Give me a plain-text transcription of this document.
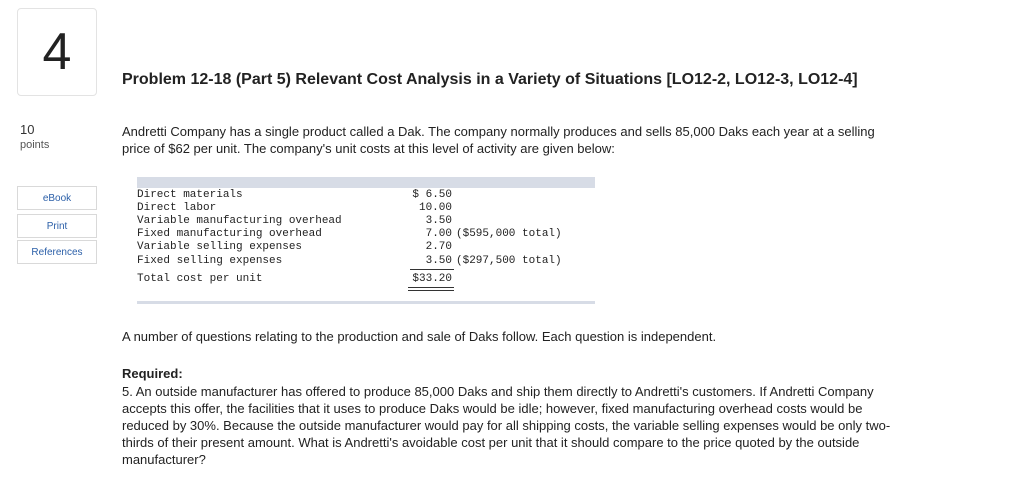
4
10
points
eBook
Print
References
Problem 12-18 (Part 5) Relevant Cost Analysis in a Variety of Situations [LO12-2, LO12-3, LO12-4]
Andretti Company has a single product called a Dak. The company normally produces and sells 85,000 Daks each year at a selling
price of $62 per unit. The company's unit costs at this level of activity are given below:
Direct materials	$ 6.50
Direct labor	10.00
Variable manufacturing overhead	3.50
Fixed manufacturing overhead	7.00 ($595,000 total)
Variable selling expenses	2.70
Fixed selling expenses	3.50 ($297,500 total)
Total cost per unit	$33.20
A number of questions relating to the production and sale of Daks follow. Each question is independent.
Required:
5. An outside manufacturer has offered to produce 85,000 Daks and ship them directly to Andretti's customers. If Andretti Company
accepts this offer, the facilities that it uses to produce Daks would be idle; however, fixed manufacturing overhead costs would be
reduced by 30%. Because the outside manufacturer would pay for all shipping costs, the variable selling expenses would be only two-
thirds of their present amount. What is Andretti's avoidable cost per unit that it should compare to the price quoted by the outside
manufacturer?
